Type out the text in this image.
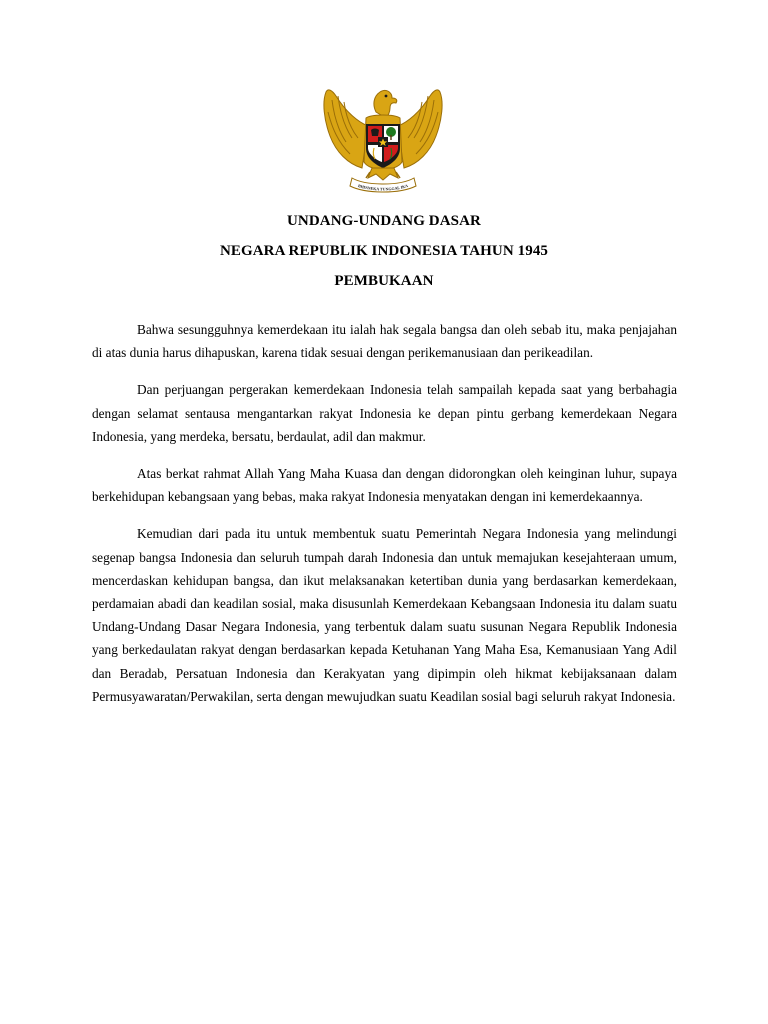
BHINNEKA TUNGGAL IKA
UNDANG-UNDANG DASAR
NEGARA REPUBLIK INDONESIA TAHUN 1945
PEMBUKAAN

Bahwa sesungguhnya kemerdekaan itu ialah hak segala bangsa dan oleh sebab itu, maka penjajahan di atas dunia harus dihapuskan, karena tidak sesuai dengan perikemanusiaan dan perikeadilan.

Dan perjuangan pergerakan kemerdekaan Indonesia telah sampailah kepada saat yang berbahagia dengan selamat sentausa mengantarkan rakyat Indonesia ke depan pintu gerbang kemerdekaan Negara Indonesia, yang merdeka, bersatu, berdaulat, adil dan makmur.

Atas berkat rahmat Allah Yang Maha Kuasa dan dengan didorongkan oleh keinginan luhur, supaya berkehidupan kebangsaan yang bebas, maka rakyat Indonesia menyatakan dengan ini kemerdekaannya.

Kemudian dari pada itu untuk membentuk suatu Pemerintah Negara Indonesia yang melindungi segenap bangsa Indonesia dan seluruh tumpah darah Indonesia dan untuk memajukan kesejahteraan umum, mencerdaskan kehidupan bangsa, dan ikut melaksanakan ketertiban dunia yang berdasarkan kemerdekaan, perdamaian abadi dan keadilan sosial, maka disusunlah Kemerdekaan Kebangsaan Indonesia itu dalam suatu Undang-Undang Dasar Negara Indonesia, yang terbentuk dalam suatu susunan Negara Republik Indonesia yang berkedaulatan rakyat dengan berdasarkan kepada Ketuhanan Yang Maha Esa, Kemanusiaan Yang Adil dan Beradab, Persatuan Indonesia dan Kerakyatan yang dipimpin oleh hikmat kebijaksanaan dalam Permusyawaratan/Perwakilan, serta dengan mewujudkan suatu Keadilan sosial bagi seluruh rakyat Indonesia.
